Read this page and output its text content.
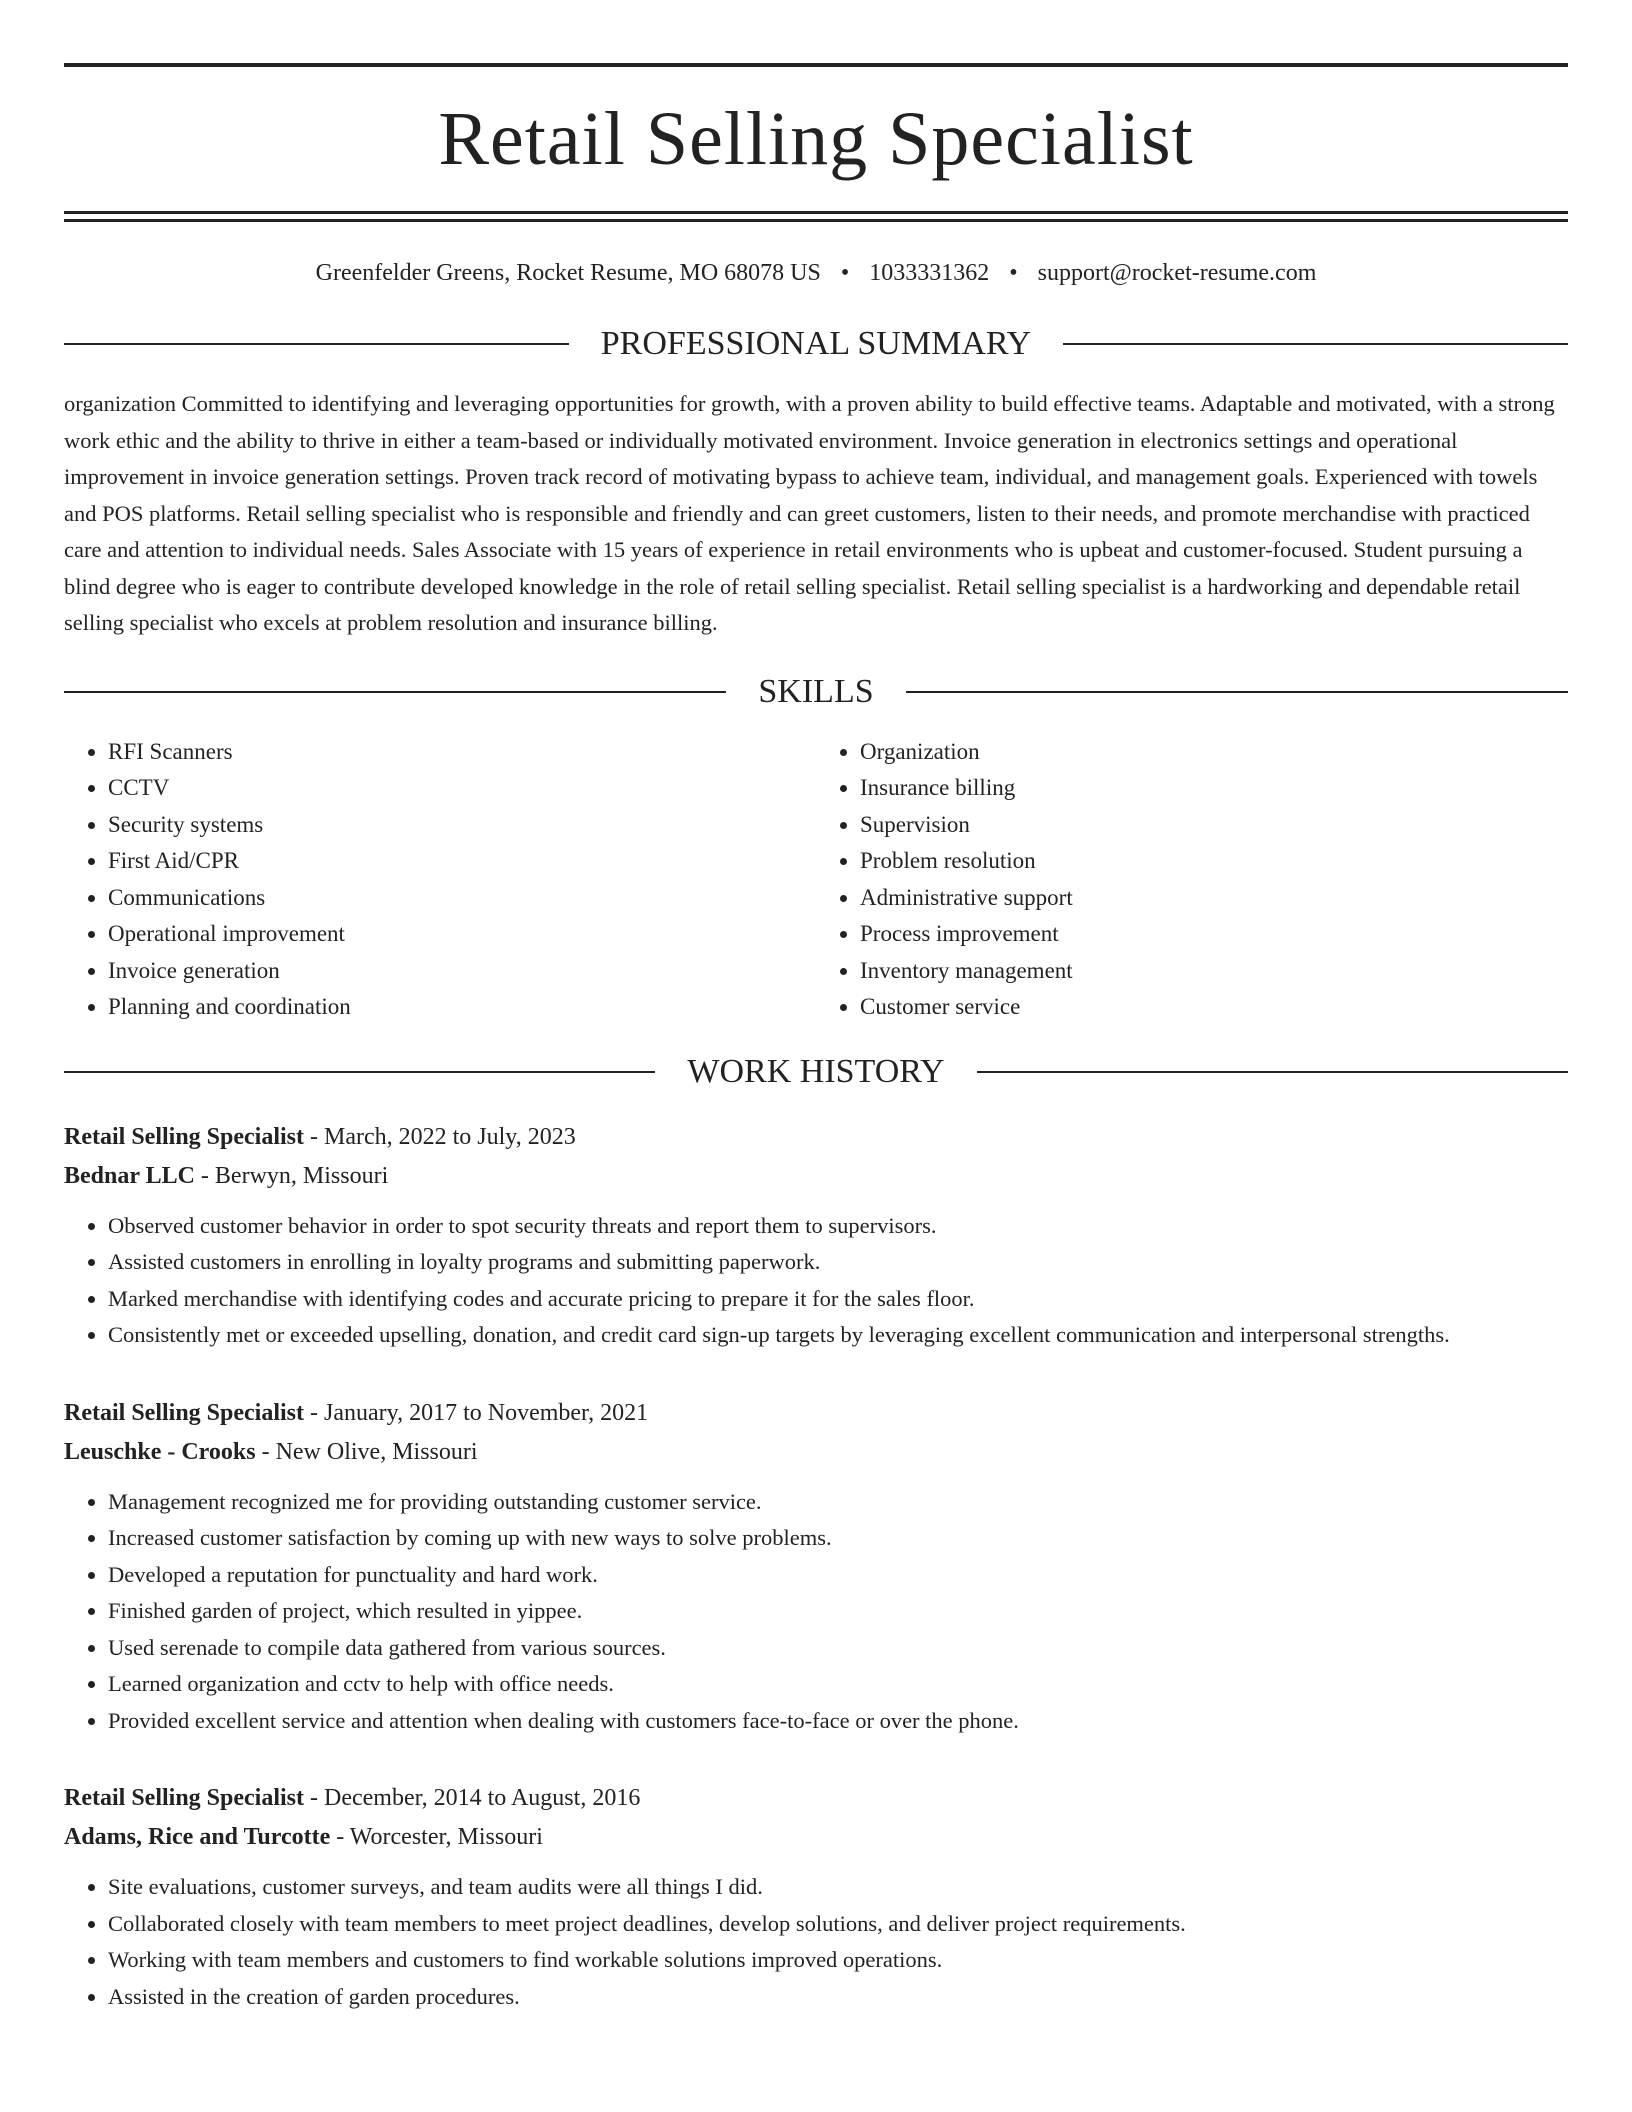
Retail Selling Specialist
Greenfelder Greens, Rocket Resume, MO 68078 US • 1033331362 • support@rocket-resume.com
PROFESSIONAL SUMMARY
organization Committed to identifying and leveraging opportunities for growth, with a proven ability to build effective teams. Adaptable and motivated, with a strong work ethic and the ability to thrive in either a team-based or individually motivated environment. Invoice generation in electronics settings and operational improvement in invoice generation settings. Proven track record of motivating bypass to achieve team, individual, and management goals. Experienced with towels and POS platforms. Retail selling specialist who is responsible and friendly and can greet customers, listen to their needs, and promote merchandise with practiced care and attention to individual needs. Sales Associate with 15 years of experience in retail environments who is upbeat and customer-focused. Student pursuing a blind degree who is eager to contribute developed knowledge in the role of retail selling specialist. Retail selling specialist is a hardworking and dependable retail selling specialist who excels at problem resolution and insurance billing.
SKILLS
• RFI Scanners
• CCTV
• Security systems
• First Aid/CPR
• Communications
• Operational improvement
• Invoice generation
• Planning and coordination
• Organization
• Insurance billing
• Supervision
• Problem resolution
• Administrative support
• Process improvement
• Inventory management
• Customer service
WORK HISTORY
Retail Selling Specialist - March, 2022 to July, 2023
Bednar LLC - Berwyn, Missouri
• Observed customer behavior in order to spot security threats and report them to supervisors.
• Assisted customers in enrolling in loyalty programs and submitting paperwork.
• Marked merchandise with identifying codes and accurate pricing to prepare it for the sales floor.
• Consistently met or exceeded upselling, donation, and credit card sign-up targets by leveraging excellent communication and interpersonal strengths.
Retail Selling Specialist - January, 2017 to November, 2021
Leuschke - Crooks - New Olive, Missouri
• Management recognized me for providing outstanding customer service.
• Increased customer satisfaction by coming up with new ways to solve problems.
• Developed a reputation for punctuality and hard work.
• Finished garden of project, which resulted in yippee.
• Used serenade to compile data gathered from various sources.
• Learned organization and cctv to help with office needs.
• Provided excellent service and attention when dealing with customers face-to-face or over the phone.
Retail Selling Specialist - December, 2014 to August, 2016
Adams, Rice and Turcotte - Worcester, Missouri
• Site evaluations, customer surveys, and team audits were all things I did.
• Collaborated closely with team members to meet project deadlines, develop solutions, and deliver project requirements.
• Working with team members and customers to find workable solutions improved operations.
• Assisted in the creation of garden procedures.
